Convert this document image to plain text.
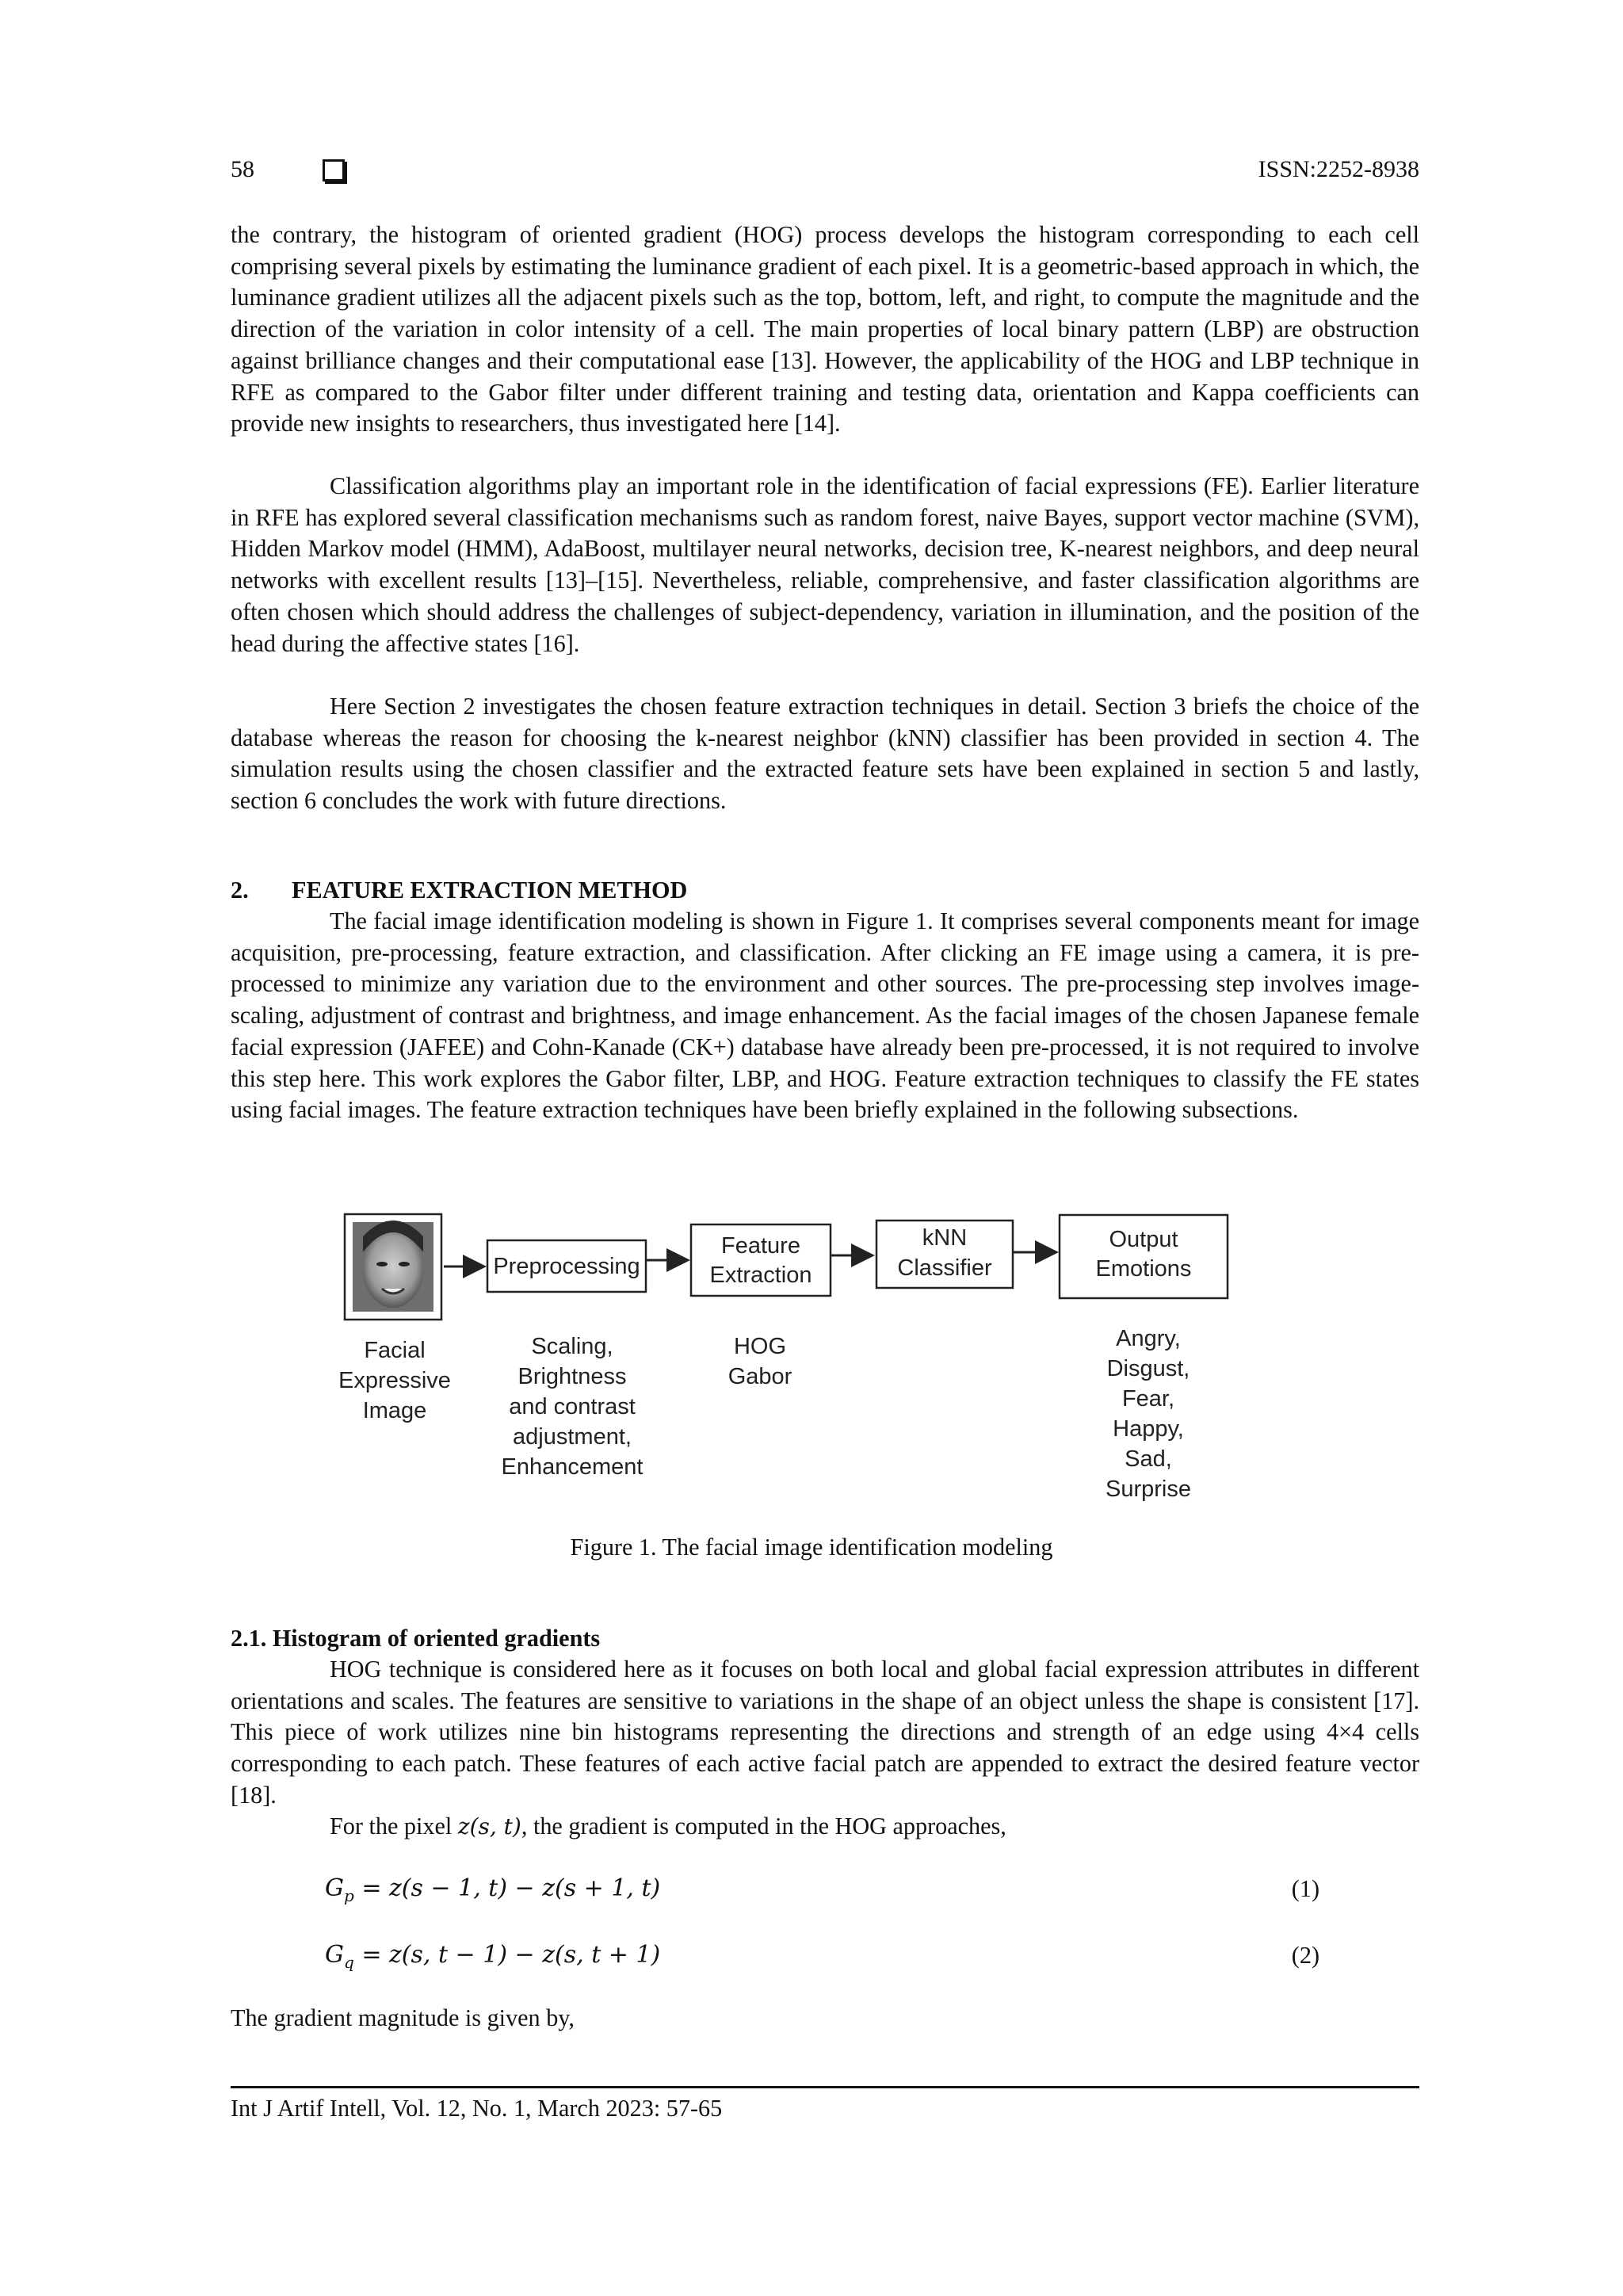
58	ISSN:2252-8938

the contrary, the histogram of oriented gradient (HOG) process develops the histogram corresponding to each cell comprising several pixels by estimating the luminance gradient of each pixel. It is a geometric-based approach in which, the luminance gradient utilizes all the adjacent pixels such as the top, bottom, left, and right, to compute the magnitude and the direction of the variation in color intensity of a cell. The main properties of local binary pattern (LBP) are obstruction against brilliance changes and their computational ease [13]. However, the applicability of the HOG and LBP technique in RFE as compared to the Gabor filter under different training and testing data, orientation and Kappa coefficients can provide new insights to researchers, thus investigated here [14].

Classification algorithms play an important role in the identification of facial expressions (FE). Earlier literature in RFE has explored several classification mechanisms such as random forest, naive Bayes, support vector machine (SVM), Hidden Markov model (HMM), AdaBoost, multilayer neural networks, decision tree, K-nearest neighbors, and deep neural networks with excellent results [13]–[15]. Nevertheless, reliable, comprehensive, and faster classification algorithms are often chosen which should address the challenges of subject-dependency, variation in illumination, and the position of the head during the affective states [16].

Here Section 2 investigates the chosen feature extraction techniques in detail. Section 3 briefs the choice of the database whereas the reason for choosing the k-nearest neighbor (kNN) classifier has been provided in section 4. The simulation results using the chosen classifier and the extracted feature sets have been explained in section 5 and lastly, section 6 concludes the work with future directions.

2. FEATURE EXTRACTION METHOD

The facial image identification modeling is shown in Figure 1. It comprises several components meant for image acquisition, pre-processing, feature extraction, and classification. After clicking an FE image using a camera, it is pre-processed to minimize any variation due to the environment and other sources. The pre-processing step involves image-scaling, adjustment of contrast and brightness, and image enhancement. As the facial images of the chosen Japanese female facial expression (JAFEE) and Cohn-Kanade (CK+) database have already been pre-processed, it is not required to involve this step here. This work explores the Gabor filter, LBP, and HOG. Feature extraction techniques to classify the FE states using facial images. The feature extraction techniques have been briefly explained in the following subsections.

Preprocessing
Feature
Extraction
kNN
Classifier
Output
Emotions
Facial
Expressive
Image
Scaling,
Brightness
and contrast
adjustment,
Enhancement
HOG
Gabor
Angry,
Disgust,
Fear,
Happy,
Sad,
Surprise
Figure 1. The facial image identification modeling
2.1. Histogram of oriented gradients

HOG technique is considered here as it focuses on both local and global facial expression attributes in different orientations and scales. The features are sensitive to variations in the shape of an object unless the shape is consistent [17]. This piece of work utilizes nine bin histograms representing the directions and strength of an edge using 4×4 cells corresponding to each patch. These features of each active facial patch are appended to extract the desired feature vector [18].

For the pixel z(s, t), the gradient is computed in the HOG approaches,

$G_p = z(s - 1$, t) − z(s + 1, t)	(1)
$G_q = z(s$, t − 1) − z(s, t + 1)	(2)

The gradient magnitude is given by,

Int J Artif Intell, Vol. 12, No. 1, March 2023: 57-65
